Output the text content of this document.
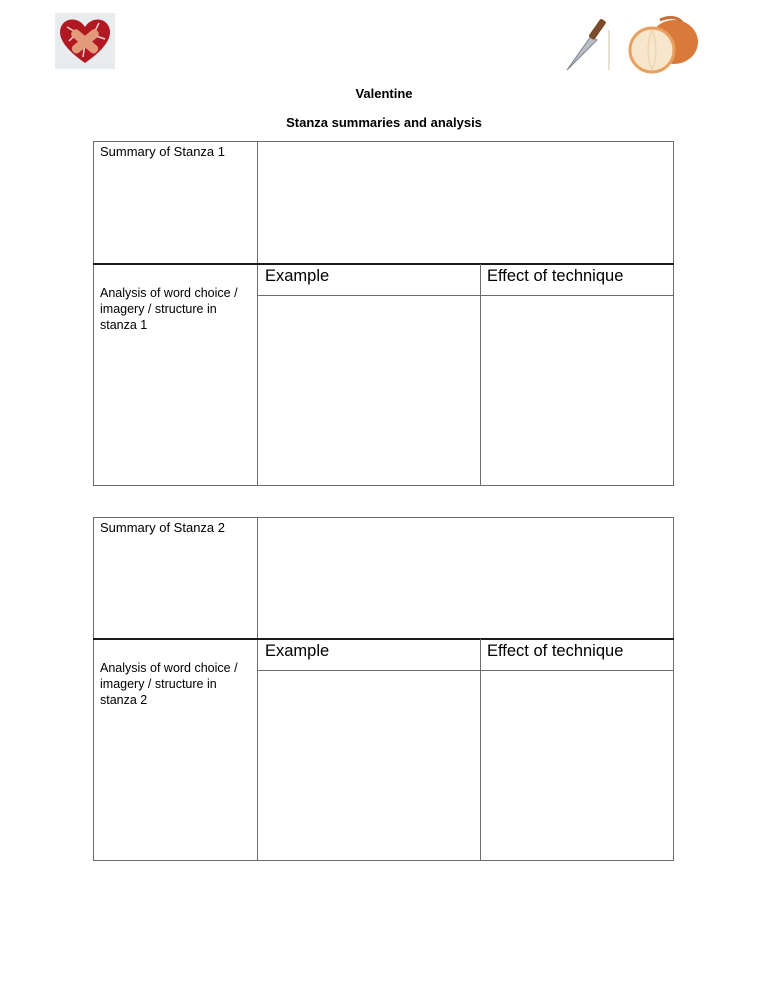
Valentine
Stanza summaries and analysis
Summary of Stanza 1
Analysis of word choice /
imagery / structure in
stanza 1
Example	Effect of technique
Summary of Stanza 2
Analysis of word choice /
imagery / structure in
stanza 2
Example	Effect of technique
